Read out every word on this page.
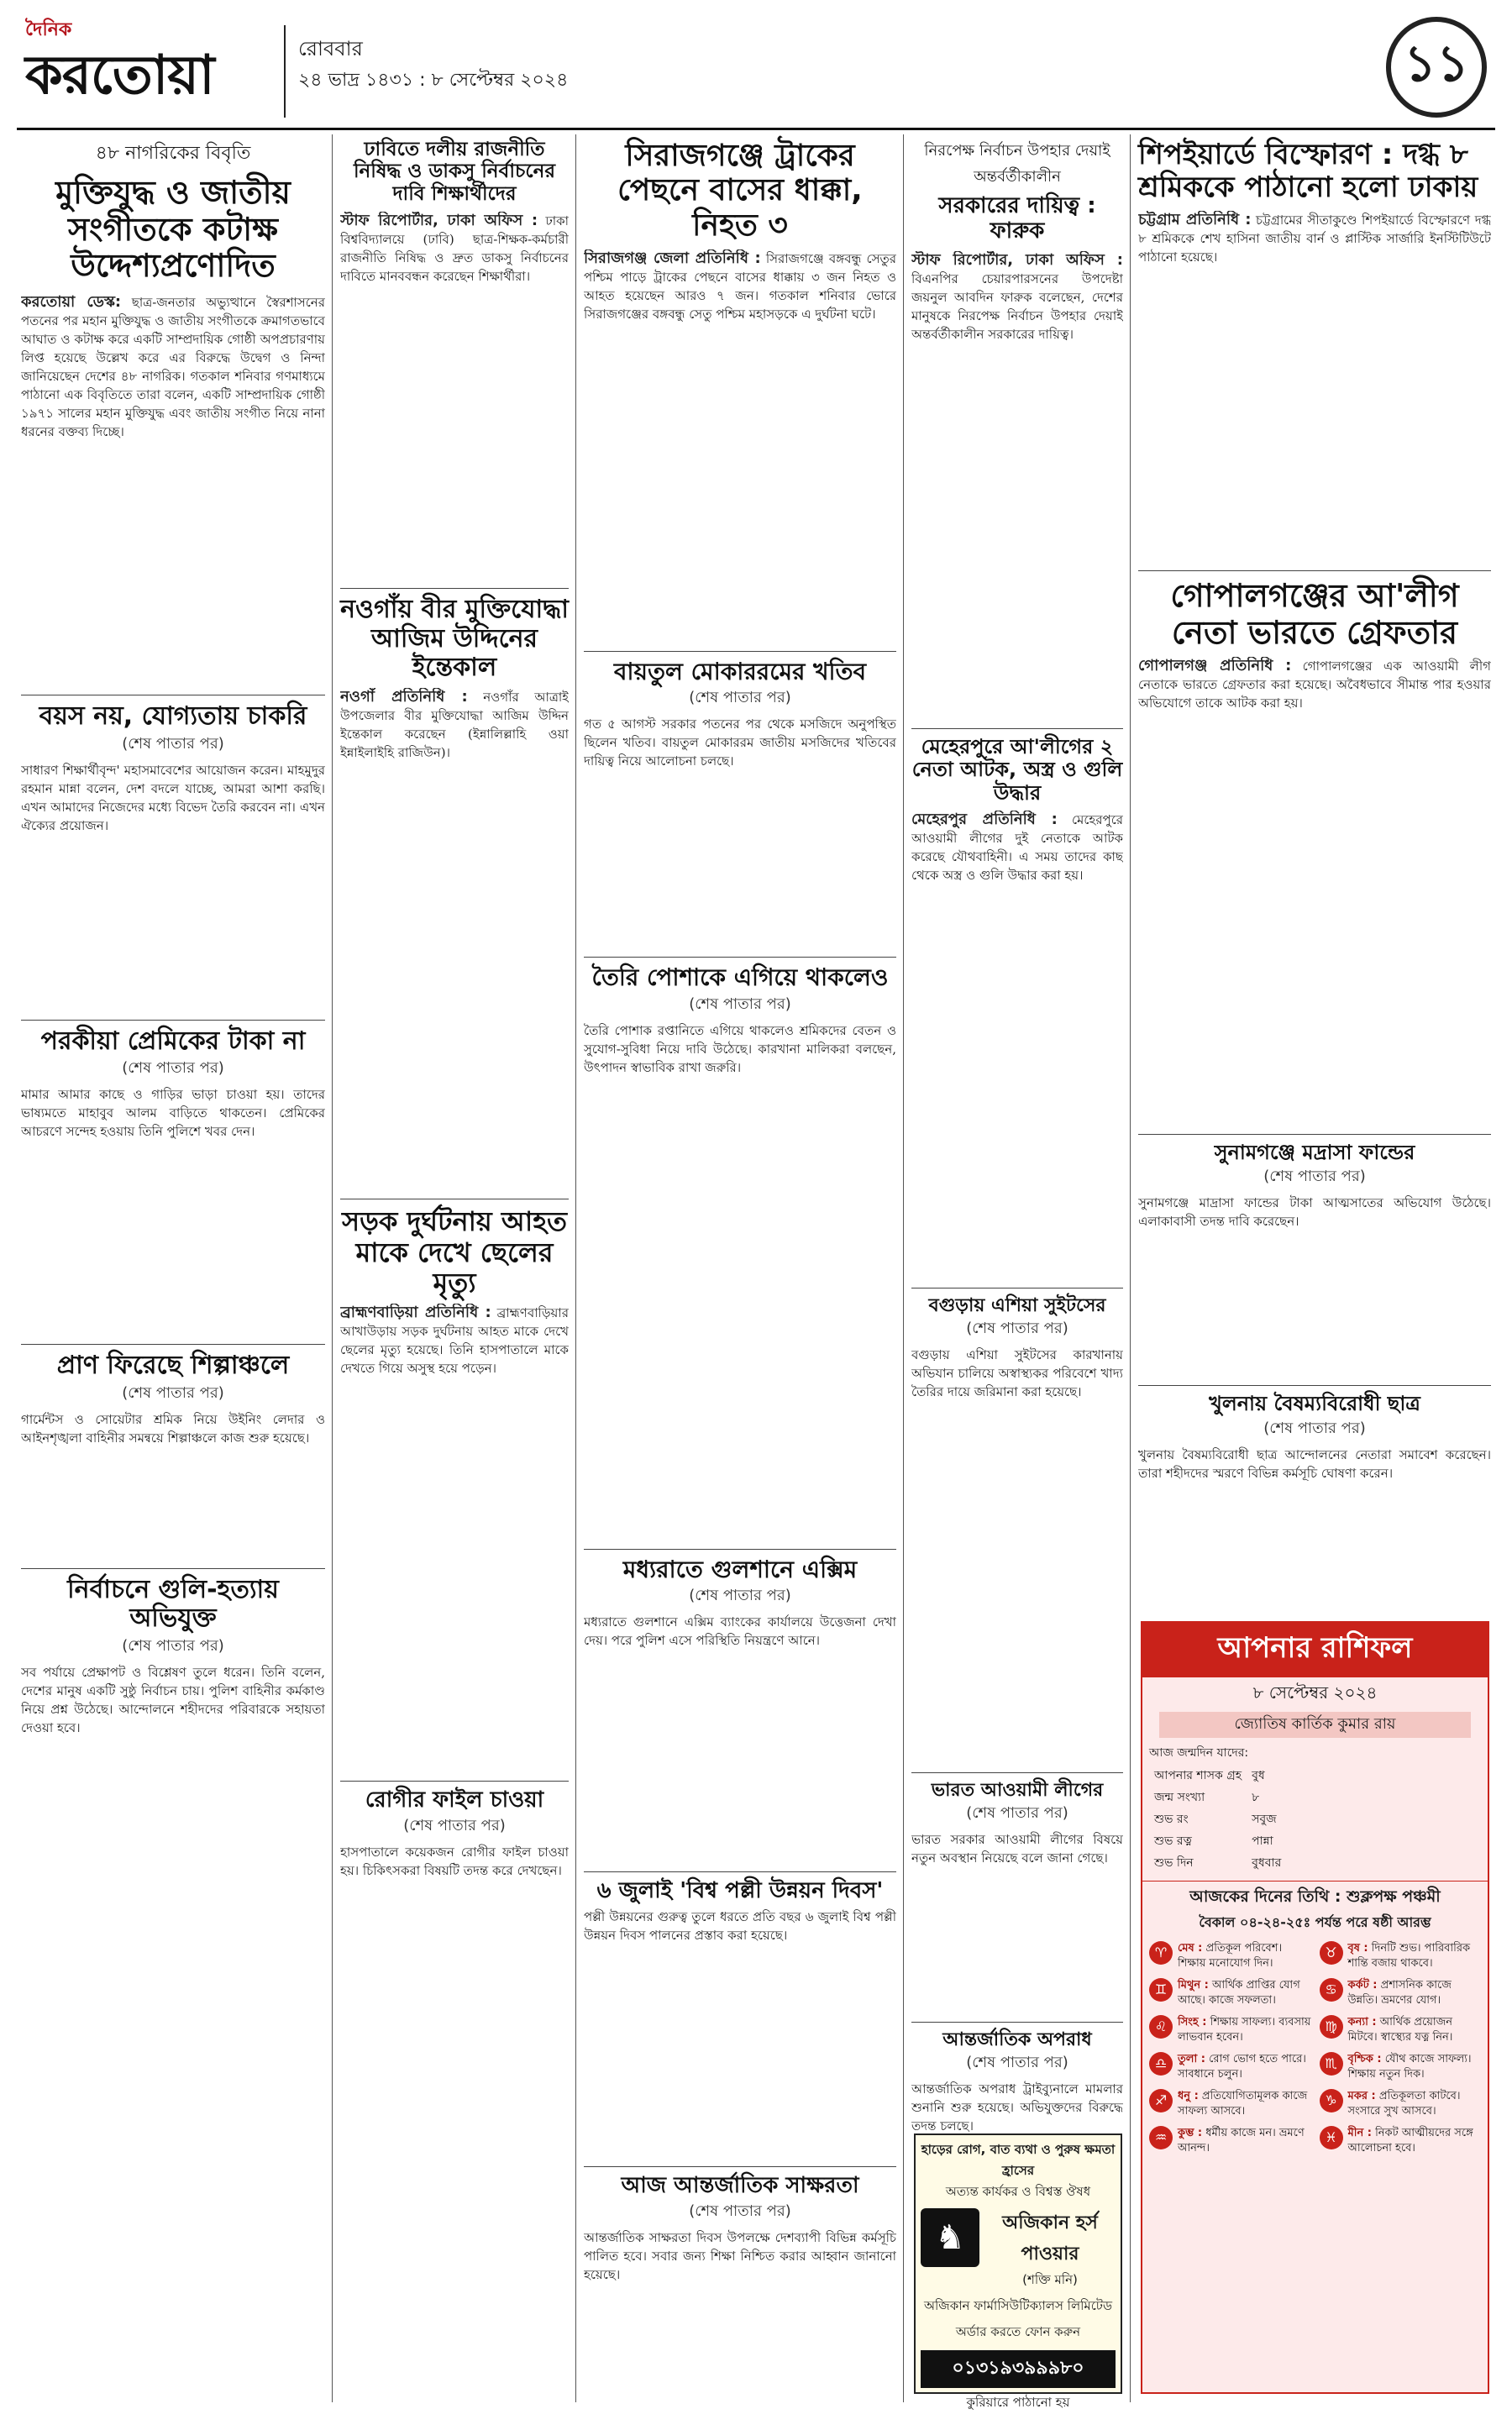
দৈনিক
করতোয়া	রোববার
২৪ ভাদ্র ১৪৩১ : ৮ সেপ্টেম্বর ২০২৪	১১
৪৮ নাগরিকের বিবৃতি
মুক্তিযুদ্ধ ও জাতীয় সংগীতকে কটাক্ষ উদ্দেশ্যপ্রণোদিত
করতোয়া ডেস্ক: ছাত্র-জনতার অভ্যুত্থানে স্বৈরশাসনের পতনের পর মহান মুক্তিযুদ্ধ ও জাতীয় সংগীতকে ক্রমাগতভাবে আঘাত ও কটাক্ষ করে একটি সাম্প্রদায়িক গোষ্ঠী অপপ্রচারণায় লিপ্ত হয়েছে উল্লেখ করে এর বিরুদ্ধে উদ্বেগ ও নিন্দা জানিয়েছেন দেশের ৪৮ নাগরিক। গতকাল শনিবার গণমাধ্যমে পাঠানো এক বিবৃতিতে তারা বলেন, একটি সাম্প্রদায়িক গোষ্ঠী ১৯৭১ সালের মহান মুক্তিযুদ্ধ এবং জাতীয় সংগীত নিয়ে নানা ধরনের বক্তব্য দিচ্ছে।
বয়স নয়, যোগ্যতায় চাকরি
(শেষ পাতার পর)
সাধারণ শিক্ষার্থীবৃন্দ' মহাসমাবেশের আয়োজন করেন। মাহমুদুর রহমান মান্না বলেন, দেশ বদলে যাচ্ছে, আমরা আশা করছি। এখন আমাদের নিজেদের মধ্যে বিভেদ তৈরি করবেন না। এখন ঐক্যের প্রয়োজন।
পরকীয়া প্রেমিকের টাকা না
(শেষ পাতার পর)
মামার আমার কাছে ও গাড়ির ভাড়া চাওয়া হয়। তাদের ভাষ্যমতে মাহাবুব আলম বাড়িতে থাকতেন। প্রেমিকের আচরণে সন্দেহ হওয়ায় তিনি পুলিশে খবর দেন।
প্রাণ ফিরেছে শিল্পাঞ্চলে
(শেষ পাতার পর)
গার্মেন্টস ও সোয়েটার শ্রমিক নিয়ে উইনিং লেদার ও আইনশৃঙ্খলা বাহিনীর সমন্বয়ে শিল্পাঞ্চলে কাজ শুরু হয়েছে।
নির্বাচনে গুলি-হত্যায় অভিযুক্ত
(শেষ পাতার পর)
সব পর্যায়ে প্রেক্ষাপট ও বিশ্লেষণ তুলে ধরেন। তিনি বলেন, দেশের মানুষ একটি সুষ্ঠু নির্বাচন চায়। পুলিশ বাহিনীর কর্মকাণ্ড নিয়ে প্রশ্ন উঠেছে। আন্দোলনে শহীদদের পরিবারকে সহায়তা দেওয়া হবে।
ঢাবিতে দলীয় রাজনীতি নিষিদ্ধ ও ডাকসু নির্বাচনের দাবি শিক্ষার্থীদের
স্টাফ রিপোর্টার, ঢাকা অফিস : ঢাকা বিশ্ববিদ্যালয়ে (ঢাবি) ছাত্র-শিক্ষক-কর্মচারী রাজনীতি নিষিদ্ধ ও দ্রুত ডাকসু নির্বাচনের দাবিতে মানববন্ধন করেছেন শিক্ষার্থীরা।
নওগাঁয় বীর মুক্তিযোদ্ধা আজিম উদ্দিনের ইন্তেকাল
নওগাঁ প্রতিনিধি : নওগাঁর আত্রাই উপজেলার বীর মুক্তিযোদ্ধা আজিম উদ্দিন ইন্তেকাল করেছেন (ইন্নালিল্লাহি ওয়া ইন্নাইলাইহি রাজিউন)।
সড়ক দুর্ঘটনায় আহত মাকে দেখে ছেলের মৃত্যু
ব্রাহ্মণবাড়িয়া প্রতিনিধি : ব্রাহ্মণবাড়িয়ার আখাউড়ায় সড়ক দুর্ঘটনায় আহত মাকে দেখে ছেলের মৃত্যু হয়েছে। তিনি হাসপাতালে মাকে দেখতে গিয়ে অসুস্থ হয়ে পড়েন।
রোগীর ফাইল চাওয়া
(শেষ পাতার পর)
হাসপাতালে কয়েকজন রোগীর ফাইল চাওয়া হয়। চিকিৎসকরা বিষয়টি তদন্ত করে দেখছেন।
সিরাজগঞ্জে ট্রাকের পেছনে বাসের ধাক্কা, নিহত ৩
সিরাজগঞ্জ জেলা প্রতিনিধি : সিরাজগঞ্জে বঙ্গবন্ধু সেতুর পশ্চিম পাড়ে ট্রাকের পেছনে বাসের ধাক্কায় ৩ জন নিহত ও আহত হয়েছেন আরও ৭ জন। গতকাল শনিবার ভোরে সিরাজগঞ্জের বঙ্গবন্ধু সেতু পশ্চিম মহাসড়কে এ দুর্ঘটনা ঘটে।
বায়তুল মোকাররমের খতিব
(শেষ পাতার পর)
গত ৫ আগস্ট সরকার পতনের পর থেকে মসজিদে অনুপস্থিত ছিলেন খতিব। বায়তুল মোকাররম জাতীয় মসজিদের খতিবের দায়িত্ব নিয়ে আলোচনা চলছে।
তৈরি পোশাকে এগিয়ে থাকলেও
(শেষ পাতার পর)
তৈরি পোশাক রপ্তানিতে এগিয়ে থাকলেও শ্রমিকদের বেতন ও সুযোগ-সুবিধা নিয়ে দাবি উঠেছে। কারখানা মালিকরা বলছেন, উৎপাদন স্বাভাবিক রাখা জরুরি।
মধ্যরাতে গুলশানে এক্সিম
(শেষ পাতার পর)
মধ্যরাতে গুলশানে এক্সিম ব্যাংকের কার্যালয়ে উত্তেজনা দেখা দেয়। পরে পুলিশ এসে পরিস্থিতি নিয়ন্ত্রণে আনে।
৬ জুলাই 'বিশ্ব পল্লী উন্নয়ন দিবস'
পল্লী উন্নয়নের গুরুত্ব তুলে ধরতে প্রতি বছর ৬ জুলাই বিশ্ব পল্লী উন্নয়ন দিবস পালনের প্রস্তাব করা হয়েছে।
আজ আন্তর্জাতিক সাক্ষরতা
(শেষ পাতার পর)
আন্তর্জাতিক সাক্ষরতা দিবস উপলক্ষে দেশব্যাপী বিভিন্ন কর্মসূচি পালিত হবে। সবার জন্য শিক্ষা নিশ্চিত করার আহ্বান জানানো হয়েছে।
নিরপেক্ষ নির্বাচন উপহার দেয়াই অন্তর্বর্তীকালীন
সরকারের দায়িত্ব : ফারুক
স্টাফ রিপোর্টার, ঢাকা অফিস : বিএনপির চেয়ারপারসনের উপদেষ্টা জয়নুল আবদিন ফারুক বলেছেন, দেশের মানুষকে নিরপেক্ষ নির্বাচন উপহার দেয়াই অন্তর্বর্তীকালীন সরকারের দায়িত্ব।
মেহেরপুরে আ'লীগের ২ নেতা আটক, অস্ত্র ও গুলি উদ্ধার
মেহেরপুর প্রতিনিধি : মেহেরপুরে আওয়ামী লীগের দুই নেতাকে আটক করেছে যৌথবাহিনী। এ সময় তাদের কাছ থেকে অস্ত্র ও গুলি উদ্ধার করা হয়।
বগুড়ায় এশিয়া সুইটসের
(শেষ পাতার পর)
বগুড়ায় এশিয়া সুইটসের কারখানায় অভিযান চালিয়ে অস্বাস্থ্যকর পরিবেশে খাদ্য তৈরির দায়ে জরিমানা করা হয়েছে।
ভারত আওয়ামী লীগের
(শেষ পাতার পর)
ভারত সরকার আওয়ামী লীগের বিষয়ে নতুন অবস্থান নিয়েছে বলে জানা গেছে।
আন্তর্জাতিক অপরাধ
(শেষ পাতার পর)
আন্তর্জাতিক অপরাধ ট্রাইব্যুনালে মামলার শুনানি শুরু হয়েছে। অভিযুক্তদের বিরুদ্ধে তদন্ত চলছে।
হাড়ের রোগ, বাত ব্যথা ও পুরুষ ক্ষমতা হ্রাসের
অত্যন্ত কার্যকর ও বিশ্বস্ত ঔষধ
♞	অজিকান হর্স পাওয়ার
(শক্তি মনি)
অজিকান ফার্মাসিউটিক্যালস লিমিটেড
অর্ডার করতে ফোন করুন
০১৩১৯৩৯৯৯৮০
কুরিয়ারে পাঠানো হয়
শিপইয়ার্ডে বিস্ফোরণ : দগ্ধ ৮ শ্রমিককে পাঠানো হলো ঢাকায়
চট্টগ্রাম প্রতিনিধি : চট্টগ্রামের সীতাকুণ্ডে শিপইয়ার্ডে বিস্ফোরণে দগ্ধ ৮ শ্রমিককে শেখ হাসিনা জাতীয় বার্ন ও প্লাস্টিক সার্জারি ইনস্টিটিউটে পাঠানো হয়েছে।
গোপালগঞ্জের আ'লীগ নেতা ভারতে গ্রেফতার
গোপালগঞ্জ প্রতিনিধি : গোপালগঞ্জের এক আওয়ামী লীগ নেতাকে ভারতে গ্রেফতার করা হয়েছে। অবৈধভাবে সীমান্ত পার হওয়ার অভিযোগে তাকে আটক করা হয়।
সুনামগঞ্জে মদ্রাসা ফান্ডের
(শেষ পাতার পর)
সুনামগঞ্জে মাদ্রাসা ফান্ডের টাকা আত্মসাতের অভিযোগ উঠেছে। এলাকাবাসী তদন্ত দাবি করেছেন।
খুলনায় বৈষম্যবিরোধী ছাত্র
(শেষ পাতার পর)
খুলনায় বৈষম্যবিরোধী ছাত্র আন্দোলনের নেতারা সমাবেশ করেছেন। তারা শহীদদের স্মরণে বিভিন্ন কর্মসূচি ঘোষণা করেন।
আপনার রাশিফল
৮ সেপ্টেম্বর ২০২৪
জ্যোতিষ কার্তিক কুমার রায়
আজ জন্মদিন যাদের:
আপনার শাসক গ্রহ	বুধ
জন্ম সংখ্যা	৮
শুভ রং	সবুজ
শুভ রত্ন	পান্না
শুভ দিন	বুধবার
আজকের দিনের তিথি : শুক্লপক্ষ পঞ্চমী
বৈকাল ০৪-২৪-২৫ঃ পর্যন্ত পরে ষষ্ঠী আরম্ভ
♈ মেষ : প্রতিকূল পরিবেশ। শিক্ষায় মনোযোগ দিন।
♉ বৃষ : দিনটি শুভ। পারিবারিক শান্তি বজায় থাকবে।
♊ মিথুন : আর্থিক প্রাপ্তির যোগ আছে। কাজে সফলতা।
♋ কর্কট : প্রশাসনিক কাজে উন্নতি। ভ্রমণের যোগ।
♌ সিংহ : শিক্ষায় সাফল্য। ব্যবসায় লাভবান হবেন।
♍ কন্যা : আর্থিক প্রয়োজন মিটবে। স্বাস্থ্যের যত্ন নিন।
♎ তুলা : রোগ ভোগ হতে পারে। সাবধানে চলুন।
♏ বৃশ্চিক : যৌথ কাজে সাফল্য। শিক্ষায় নতুন দিক।
♐ ধনু : প্রতিযোগিতামূলক কাজে সাফল্য আসবে।
♑ মকর : প্রতিকূলতা কাটবে। সংসারে সুখ আসবে।
♒ কুম্ভ : ধর্মীয় কাজে মন। ভ্রমণে আনন্দ।
♓ মীন : নিকট আত্মীয়দের সঙ্গে আলোচনা হবে।
